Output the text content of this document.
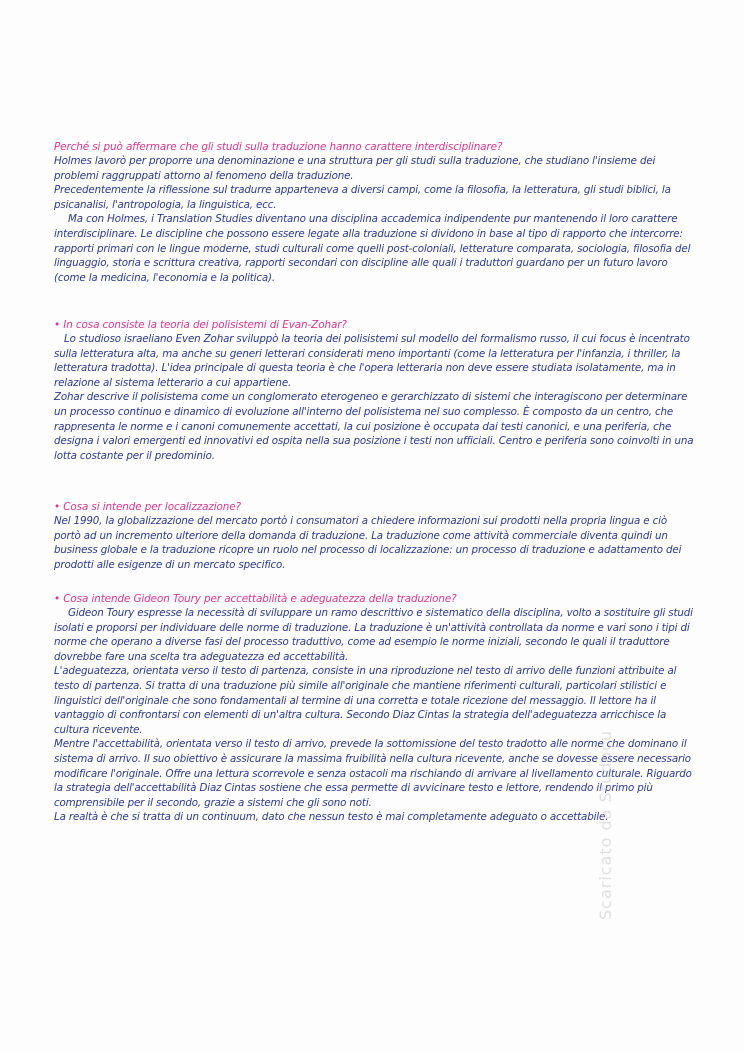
Perché si può affermare che gli studi sulla traduzione hanno carattere interdisciplinare?

Holmes lavorò per proporre una denominazione e una struttura per gli studi sulla traduzione, che studiano l'insieme dei problemi raggruppati attorno al fenomeno della traduzione.

Precedentemente la riflessione sul tradurre apparteneva a diversi campi, come la filosofia, la letteratura, gli studi biblici, la psicanalisi, l'antropologia, la linguistica, ecc.

Ma con Holmes, i Translation Studies diventano una disciplina accademica indipendente pur mantenendo il loro carattere interdisciplinare. Le discipline che possono essere legate alla traduzione si dividono in base al tipo di rapporto che intercorre: rapporti primari con le lingue moderne, studi culturali come quelli post-coloniali, letterature comparata, sociologia, filosofia del linguaggio, storia e scrittura creativa, rapporti secondari con discipline alle quali i traduttori guardano per un futuro lavoro (come la medicina, l'economia e la politica).

• In cosa consiste la teoria dei polisistemi di Evan-Zohar?

Lo studioso israeliano Even Zohar sviluppò la teoria dei polisistemi sul modello del formalismo russo, il cui focus è incentrato sulla letteratura alta, ma anche su generi letterari considerati meno importanti (come la letteratura per l'infanzia, i thriller, la letteratura tradotta). L'idea principale di questa teoria è che l'opera letteraria non deve essere studiata isolatamente, ma in relazione al sistema letterario a cui appartiene.

Zohar descrive il polisistema come un conglomerato eterogeneo e gerarchizzato di sistemi che interagiscono per determinare un processo continuo e dinamico di evoluzione all'interno del polisistema nel suo complesso. È composto da un centro, che rappresenta le norme e i canoni comunemente accettati, la cui posizione è occupata dai testi canonici, e una periferia, che designa i valori emergenti ed innovativi ed ospita nella sua posizione i testi non ufficiali. Centro e periferia sono coinvolti in una lotta costante per il predominio.

• Cosa si intende per localizzazione?

Nel 1990, la globalizzazione del mercato portò i consumatori a chiedere informazioni sui prodotti nella propria lingua e ciò portò ad un incremento ulteriore della domanda di traduzione. La traduzione come attività commerciale diventa quindi un business globale e la traduzione ricopre un ruolo nel processo di localizzazione: un processo di traduzione e adattamento dei prodotti alle esigenze di un mercato specifico.

• Cosa intende Gideon Toury per accettabilità e adeguatezza della traduzione?

Gideon Toury espresse la necessità di sviluppare un ramo descrittivo e sistematico della disciplina, volto a sostituire gli studi isolati e proporsi per individuare delle norme di traduzione. La traduzione è un'attività controllata da norme e vari sono i tipi di norme che operano a diverse fasi del processo traduttivo, come ad esempio le norme iniziali, secondo le quali il traduttore dovrebbe fare una scelta tra adeguatezza ed accettabilità.

L'adeguatezza, orientata verso il testo di partenza, consiste in una riproduzione nel testo di arrivo delle funzioni attribuite al testo di partenza. Si tratta di una traduzione più simile all'originale che mantiene riferimenti culturali, particolari stilistici e linguistici dell'originale che sono fondamentali al termine di una corretta e totale ricezione del messaggio. Il lettore ha il vantaggio di confrontarsi con elementi di un'altra cultura. Secondo Diaz Cintas la strategia dell'adeguatezza arricchisce la cultura ricevente.

Mentre l'accettabilità, orientata verso il testo di arrivo, prevede la sottomissione del testo tradotto alle norme che dominano il sistema di arrivo. Il suo obiettivo è assicurare la massima fruibilità nella cultura ricevente, anche se dovesse essere necessario modificare l'originale. Offre una lettura scorrevole e senza ostacoli ma rischiando di arrivare al livellamento culturale. Riguardo la strategia dell'accettabilità Diaz Cintas sostiene che essa permette di avvicinare testo e lettore, rendendo il primo più comprensibile per il secondo, grazie a sistemi che gli sono noti.

La realtà è che si tratta di un continuum, dato che nessun testo è mai completamente adeguato o accettabile.

Scaricato da Studocu
